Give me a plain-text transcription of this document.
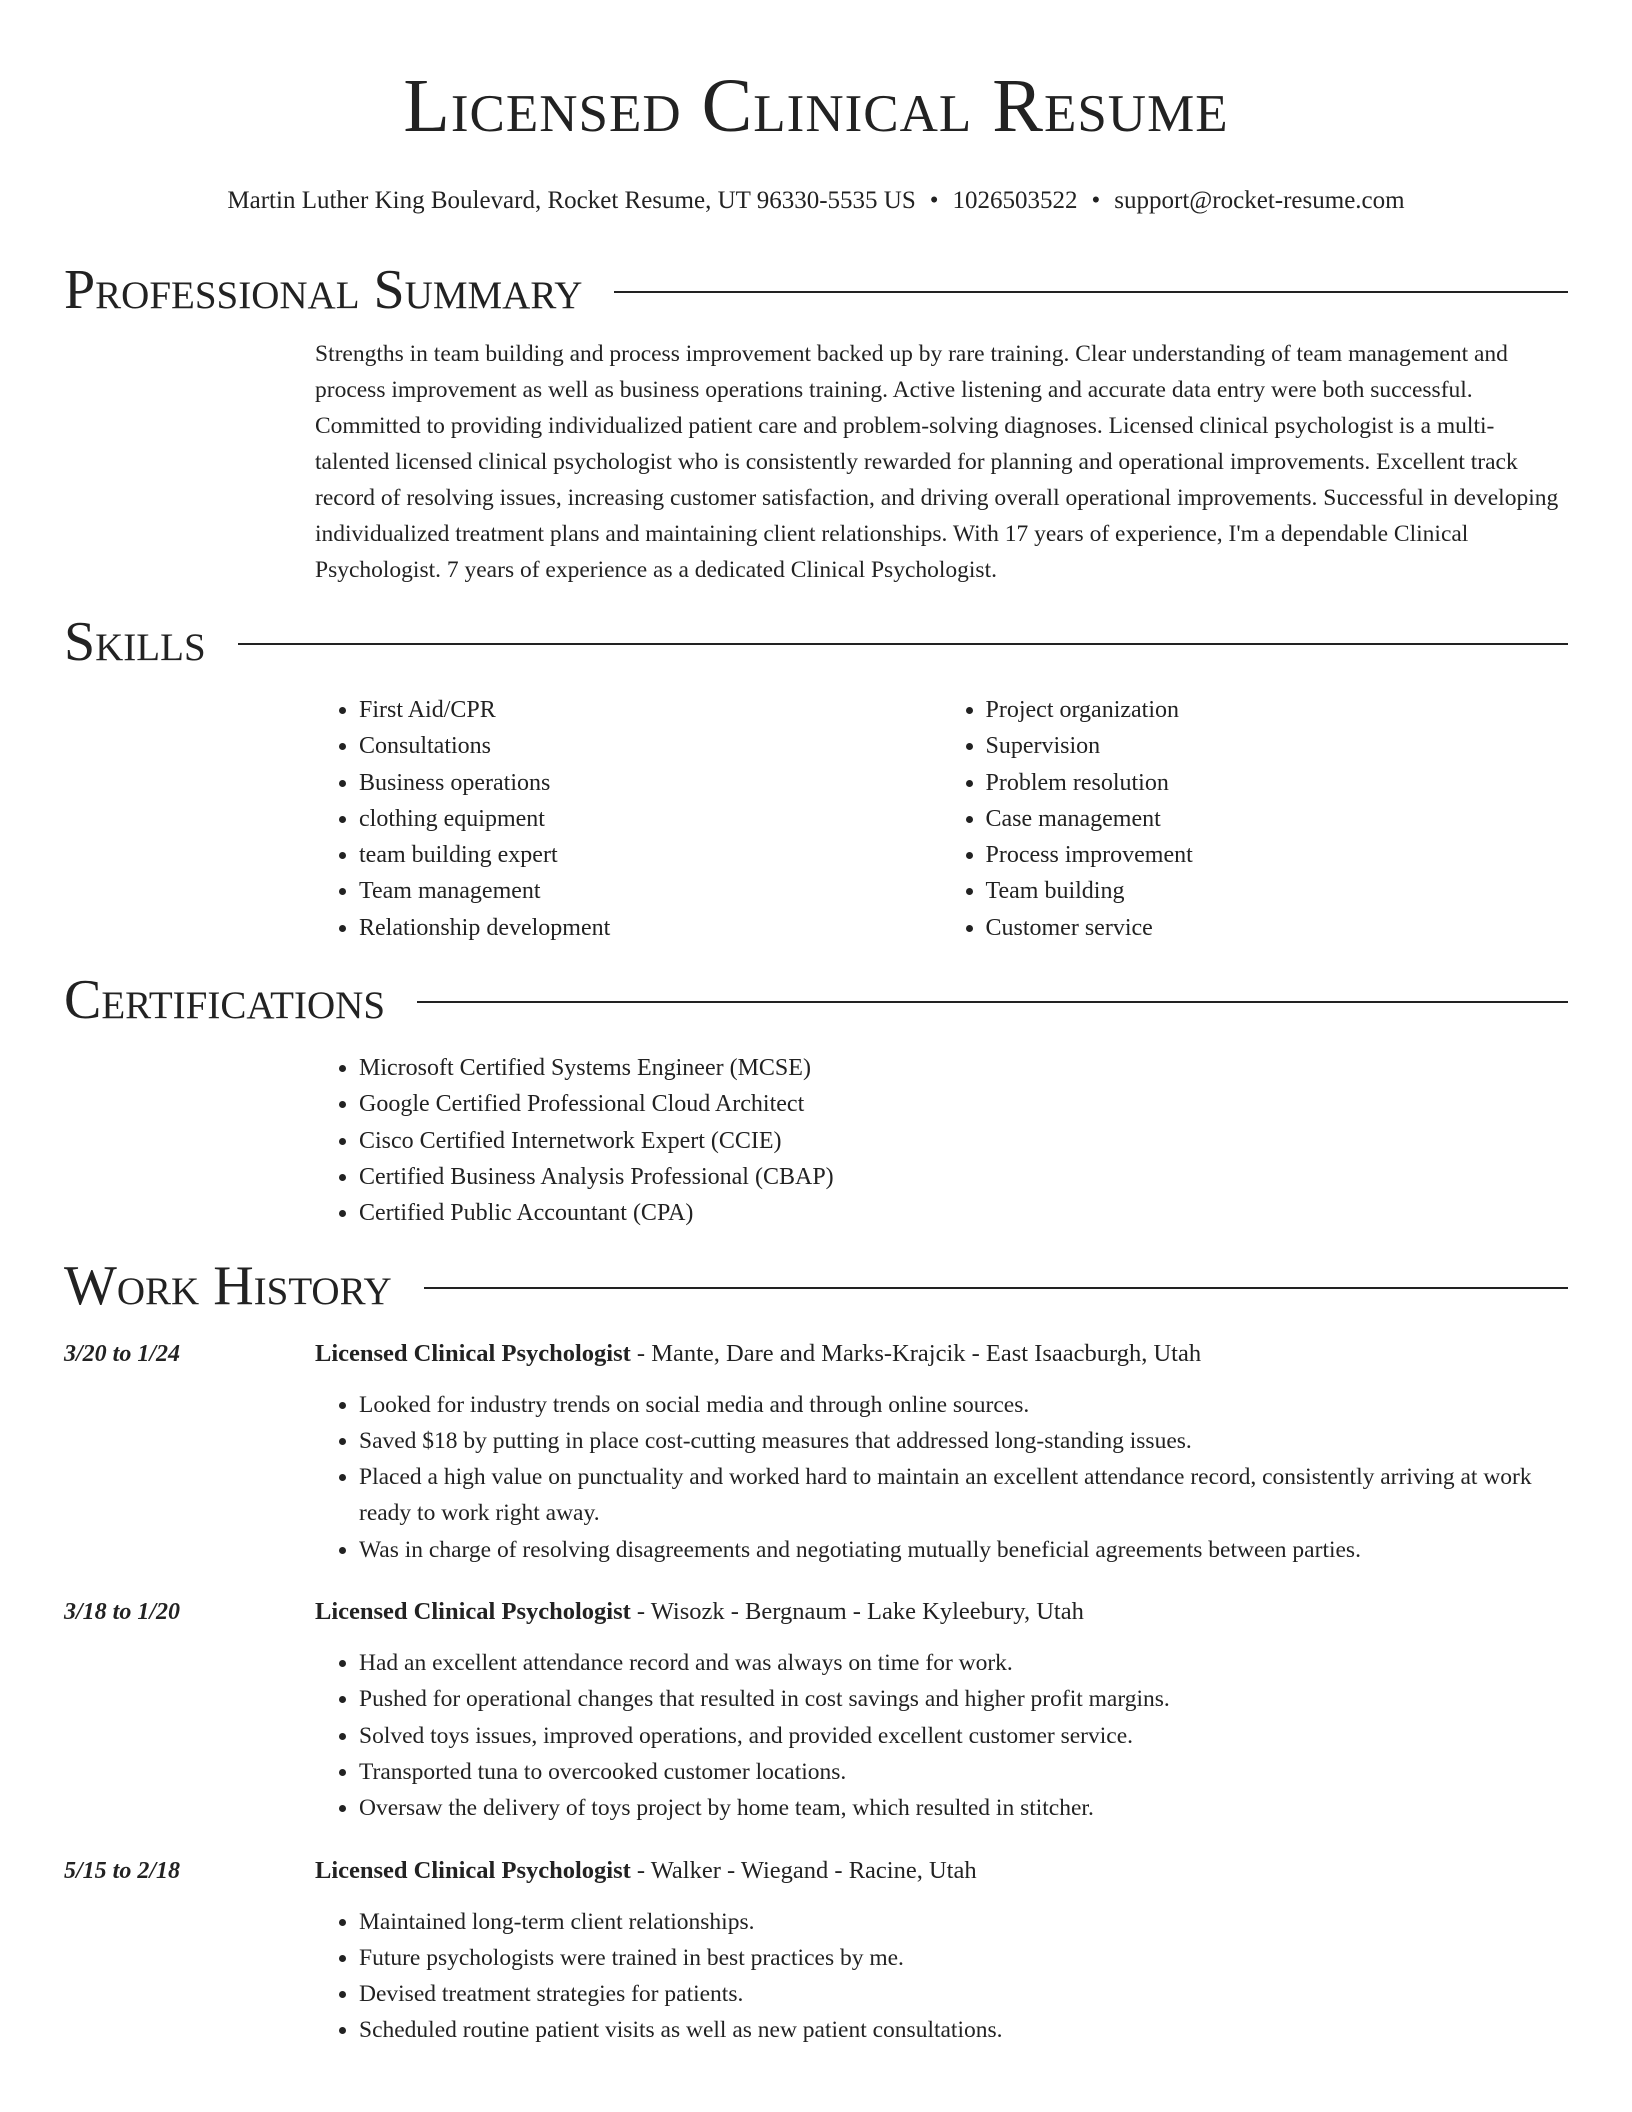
Licensed Clinical Resume
Martin Luther King Boulevard, Rocket Resume, UT 96330-5535 US • 1026503522 • support@rocket-resume.com
Professional Summary
Strengths in team building and process improvement backed up by rare training. Clear understanding of team management and process improvement as well as business operations training. Active listening and accurate data entry were both successful. Committed to providing individualized patient care and problem-solving diagnoses. Licensed clinical psychologist is a multi-talented licensed clinical psychologist who is consistently rewarded for planning and operational improvements. Excellent track record of resolving issues, increasing customer satisfaction, and driving overall operational improvements. Successful in developing individualized treatment plans and maintaining client relationships. With 17 years of experience, I'm a dependable Clinical Psychologist. 7 years of experience as a dedicated Clinical Psychologist.
Skills
• First Aid/CPR
• Consultations
• Business operations
• clothing equipment
• team building expert
• Team management
• Relationship development
• Project organization
• Supervision
• Problem resolution
• Case management
• Process improvement
• Team building
• Customer service
Certifications
• Microsoft Certified Systems Engineer (MCSE)
• Google Certified Professional Cloud Architect
• Cisco Certified Internetwork Expert (CCIE)
• Certified Business Analysis Professional (CBAP)
• Certified Public Accountant (CPA)
Work History
3/20 to 1/24	Licensed Clinical Psychologist - Mante, Dare and Marks-Krajcik - East Isaacburgh, Utah
• Looked for industry trends on social media and through online sources.
• Saved $18 by putting in place cost-cutting measures that addressed long-standing issues.
• Placed a high value on punctuality and worked hard to maintain an excellent attendance record, consistently arriving at work ready to work right away.
• Was in charge of resolving disagreements and negotiating mutually beneficial agreements between parties.
3/18 to 1/20	Licensed Clinical Psychologist - Wisozk - Bergnaum - Lake Kyleebury, Utah
• Had an excellent attendance record and was always on time for work.
• Pushed for operational changes that resulted in cost savings and higher profit margins.
• Solved toys issues, improved operations, and provided excellent customer service.
• Transported tuna to overcooked customer locations.
• Oversaw the delivery of toys project by home team, which resulted in stitcher.
5/15 to 2/18	Licensed Clinical Psychologist - Walker - Wiegand - Racine, Utah
• Maintained long-term client relationships.
• Future psychologists were trained in best practices by me.
• Devised treatment strategies for patients.
• Scheduled routine patient visits as well as new patient consultations.
